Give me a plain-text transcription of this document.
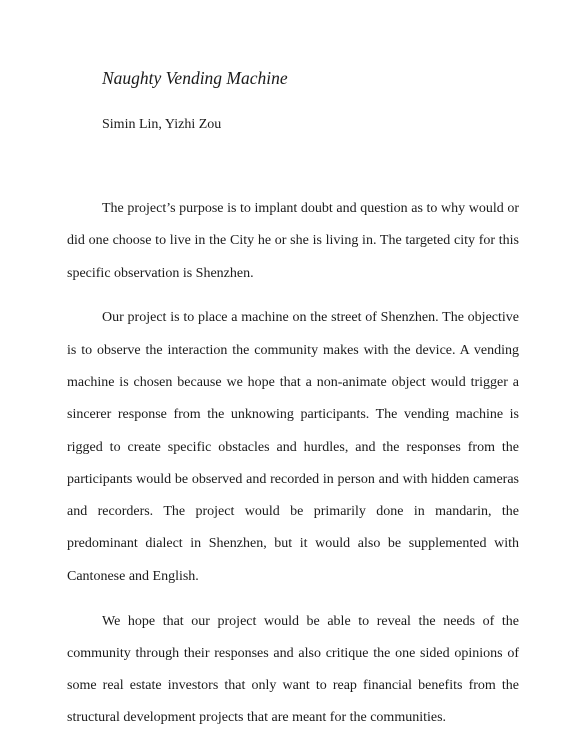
Naughty Vending Machine
Simin Lin, Yizhi Zou

The project’s purpose is to implant doubt and question as to why would or did one choose to live in the City he or she is living in. The targeted city for this specific observation is Shenzhen.

Our project is to place a machine on the street of Shenzhen. The objective is to observe the interaction the community makes with the device. A vending machine is chosen because we hope that a non-animate object would trigger a sincerer response from the unknowing participants. The vending machine is rigged to create specific obstacles and hurdles, and the responses from the participants would be observed and recorded in person and with hidden cameras and recorders. The project would be primarily done in mandarin, the predominant dialect in Shenzhen, but it would also be supplemented with Cantonese and English.

We hope that our project would be able to reveal the needs of the community through their responses and also critique the one sided opinions of some real estate investors that only want to reap financial benefits from the structural development projects that are meant for the communities.
